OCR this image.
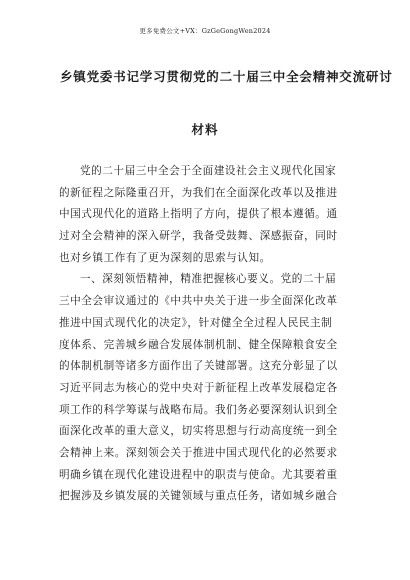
更多免费公文+VX：GzGeGongWen2024
乡镇党委书记学习贯彻党的二十届三中全会精神交流研讨
材料
党的二十届三中全会于全面建设社会主义现代化国家
的新征程之际隆重召开，为我们在全面深化改革以及推进
中国式现代化的道路上指明了方向，提供了根本遵循。通
过对全会精神的深入研学，我备受鼓舞、深感振奋，同时
也对乡镇工作有了更为深刻的思索与认知。
一、深刻领悟精神，精准把握核心要义。党的二十届
三中全会审议通过的《中共中央关于进一步全面深化改革
推进中国式现代化的决定》，针对健全全过程人民民主制
度体系、完善城乡融合发展体制机制、健全保障粮食安全
的体制机制等诸多方面作出了关键部署。这充分彰显了以
习近平同志为核心的党中央对于新征程上改革发展稳定各
项工作的科学筹谋与战略布局。我们务必要深刻认识到全
面深化改革的重大意义，切实将思想与行动高度统一到全
会精神上来。深刻领会关于推进中国式现代化的必然要求
明确乡镇在现代化建设进程中的职责与使命。尤其要着重
把握涉及乡镇发展的关键领域与重点任务，诸如城乡融合
